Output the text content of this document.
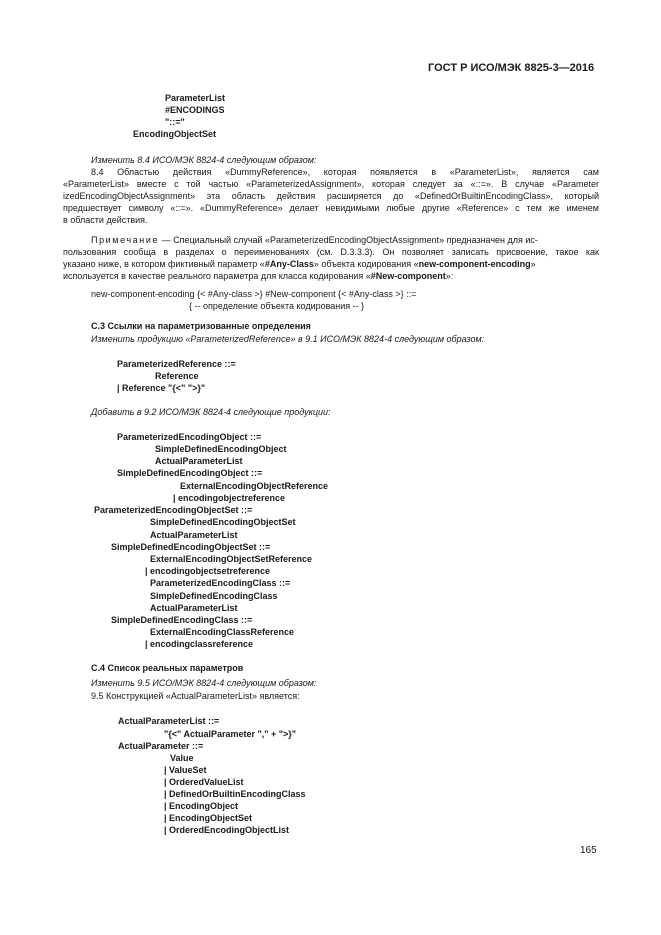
ГОСТ Р ИСО/МЭК 8825-3—2016
ParameterList
#ENCODINGS
"::="
EncodingObjectSet
Изменить 8.4 ИСО/МЭК 8824-4 следующим образом:
8.4 Областью действия «DummyReference», которая появляется в «ParameterList», является сам
«ParameterList» вместе с той частью «ParameterizedAssignment», которая следует за «::=». В случае «Parameter
izedEncodingObjectAssignment» эта область действия расширяется до «DefinedOrBuiltinEncodingClass», который
предшествует символу «::=». «DummyReference» делает невидимыми любые другие «Reference» с тем же именем
в области действия.
Примечание — Специальный случай «ParameterizedEncodingObjectAssignment» предназначен для ис-
пользования сообща в разделах о переименованиях (см. D.3.3.3). Он позволяет записать присвоение, такое как
указано ниже, в котором фиктивный параметр «#Any-Class» объекта кодирования «new-component-encoding»
используется в качестве реального параметра для класса кодирования «#New-component»:
new-component-encoding {< #Any-class >} #New-component {< #Any-class >} ::=
{ -- определение объекта кодирования -- }
С.3 Ссылки на параметризованные определения
Изменить продукцию «ParameterizedReference» в 9.1 ИСО/МЭК 8824-4 следующим образом:
ParameterizedReference ::=
Reference
| Reference "{<" ">}"
Добавить в 9.2 ИСО/МЭК 8824-4 следующие продукции:
ParameterizedEncodingObject ::=
SimpleDefinedEncodingObject
ActualParameterList
SimpleDefinedEncodingObject ::=
ExternalEncodingObjectReference
| encodingobjectreference
ParameterizedEncodingObjectSet ::=
SimpleDefinedEncodingObjectSet
ActualParameterList
SimpleDefinedEncodingObjectSet ::=
ExternalEncodingObjectSetReference
| encodingobjectsetreference
ParameterizedEncodingClass ::=
SimpleDefinedEncodingClass
ActualParameterList
SimpleDefinedEncodingClass ::=
ExternalEncodingClassReference
| encodingclassreference
С.4 Список реальных параметров
Изменить 9.5 ИСО/МЭК 8824-4 следующим образом:
9.5 Конструкцией «ActualParameterList» является:
ActualParameterList ::=
"{<" ActualParameter "," + ">}"
ActualParameter ::=
Value
| ValueSet
| OrderedValueList
| DefinedOrBuiltinEncodingClass
| EncodingObject
| EncodingObjectSet
| OrderedEncodingObjectList
165
